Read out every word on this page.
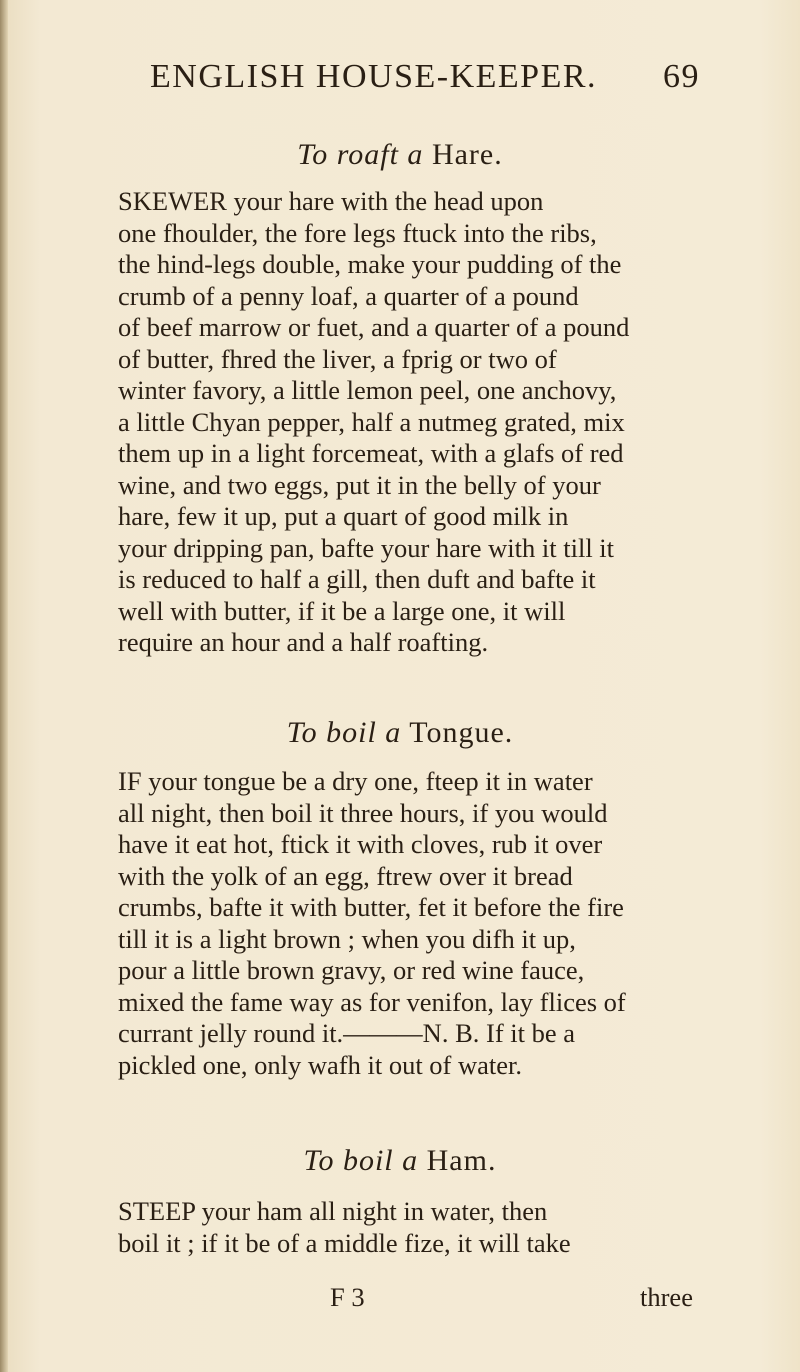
ENGLISH HOUSE-KEEPER. 69
To roaft a Hare.
SKEWER your hare with the head upon
one fhoulder, the fore legs ftuck into the ribs,
the hind-legs double, make your pudding of the
crumb of a penny loaf, a quarter of a pound
of beef marrow or fuet, and a quarter of a pound
of butter, fhred the liver, a fprig or two of
winter favory, a little lemon peel, one anchovy,
a little Chyan pepper, half a nutmeg grated, mix
them up in a light forcemeat, with a glafs of red
wine, and two eggs, put it in the belly of your
hare, few it up, put a quart of good milk in
your dripping pan, bafte your hare with it till it
is reduced to half a gill, then duft and bafte it
well with butter, if it be a large one, it will
require an hour and a half roafting.
To boil a Tongue.
IF your tongue be a dry one, fteep it in water
all night, then boil it three hours, if you would
have it eat hot, ftick it with cloves, rub it over
with the yolk of an egg, ftrew over it bread
crumbs, bafte it with butter, fet it before the fire
till it is a light brown ; when you difh it up,
pour a little brown gravy, or red wine fauce,
mixed the fame way as for venifon, lay flices of
currant jelly round it.———N. B. If it be a
pickled one, only wafh it out of water.
To boil a Ham.
STEEP your ham all night in water, then
boil it ; if it be of a middle fize, it will take
F 3	three
